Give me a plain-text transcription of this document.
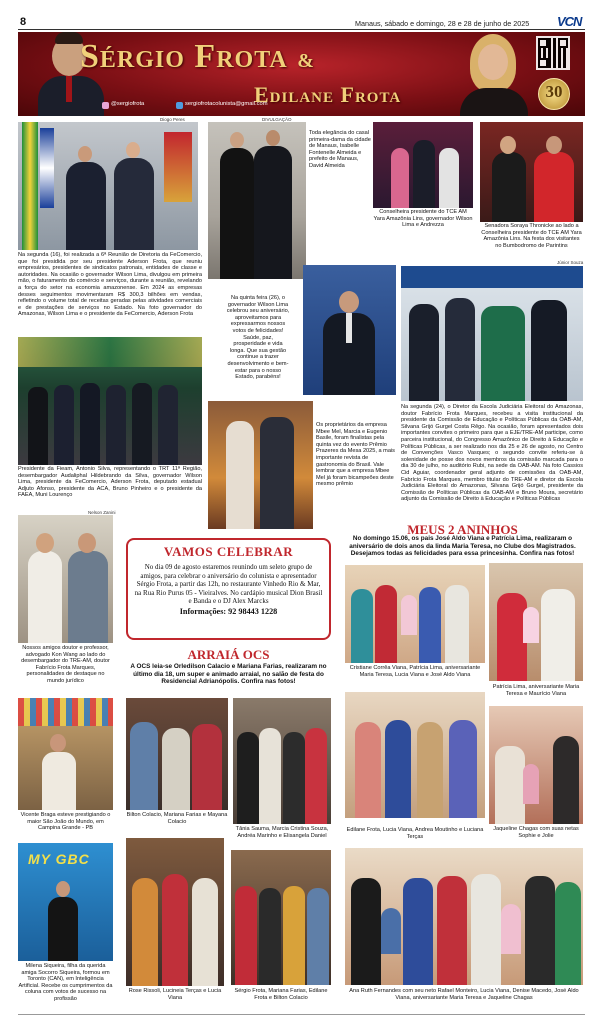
8	Manaus, sábado e domingo, 28 e 28 de junho de 2025 VCN
Sérgio Frota &
Edilane Frota
@sergiofrota	sergiofrotacolunista@gmail.com
30
Diogo Peres	DIVULGAÇÃO
Toda elegância do casal primeira-dama da cidade de Manaus, Isabelle Fontenelle Almeida e prefeito de Manaus, David Almeida
Conselheira presidente do TCE AM Yara Amazônia Lins, governador Wilson Lima e Andrezza	Senadora Soraya Thronicke ao lado a Conselheira presidente do TCE AM Yara Amazônia Lins. Na festa dos visitantes no Bumbodromo de Parintins
Na segunda (16), foi realizada a 6ª Reunião de Diretoria da FeComercio, que foi presidida por seu presidente Aderson Frota, que reuniu empresários, presidentes de sindicatos patronais, entidades de classe e autoridades. Na ocasião o governador Wilson Lima, divulgou em primeira mão, o faturamento do comércio e serviços, durante a reunião, revelando a força do setor na economia amazonense. Em 2024 as empresas desses seguimentos movimentaram R$ 300,3 bilhões em vendas, refletindo o volume total de receitas geradas pelas atividades comerciais e de prestações de serviços no Estado. Na foto governador do Amazonas, Wilson Lima e o presidente da FeComercio, Aderson Frota
Na quinta feira (26), o governador Wilson Lima celebrou seu aniversário, aproveitamos para expressarmos nossos votos de felicidades! Saúde, paz, prosperidade e vida longa. Que sua gestão continue a trazer desenvolvimento e bem-estar para o nosso Estado, parabéns!
Júnior Souza
Na segunda (24), o Diretor da Escola Judiciária Eleitoral do Amazonas, doutor Fabrício Frota Marques, recebeu a visita institucional da presidente da Comissão de Educação e Políticas Públicas da OAB-AM, Silvana Grijó Gurgel Costa Rêgo. Na ocasião, foram apresentados dois importantes convites o primeiro para que a EJE/TRE-AM participe, como parceira institucional, do Congresso Amazônico de Direito à Educação e Políticas Públicas, a ser realizado nos dia 25 e 26 de agosto, no Centro de Convenções Vasco Vasques; o segundo convite referiu-se à solenidade de posse dos novos membros da comissão marcada para o dia 30 de julho, no auditório Rubi, na sede da OAB-AM. Na foto Cassios Cid Aguiar, coordenador geral adjunto de comissões da OAB-AM, Fabrício Frota Marques, membro titular do TRE-AM e diretor da Escola Judiciária Eleitoral do Amazonas, Silvana Grijó Gurgel, presidente da Comissão de Políticas Públicas da OAB-AM e Bruno Moura, secretário adjunto da Comissão de Direito à Educação e Políticas Públicas
Presidente da Fieam, Antonio Silva, representando o TRT 11ª Região, desembargador Audaliphal Hildebrando da Silva, governador Wilson Lima, presidente da FeComercio, Aderson Frota, deputado estadual Adjuto Afonso, presidente da ACA, Bruno Pinheiro e o presidente da FAEA, Muni Lourenço
Os proprietários da empresa Mbee Mel, Marcia e Eugenio Basile, foram finalistas pela quinta vez do evento Prêmio Prazeres da Mesa 2025, a mais importante revista de gastronomia do Brasil. Vale lembrar que a empresa Mbee Mel já foram bicampeões deste mesmo prêmio
Nelson Zanini
Nossos amigos doutor e professor, advogado Kon Wang ao lado do desembargador do TRE-AM, doutor Fabrício Frota Marques, personalidades de destaque no mundo jurídico
VAMOS CELEBRAR
No dia 09 de agosto estaremos reunindo um seleto grupo de amigos, para celebrar o aniversário do colunista e apresentador Sérgio Frota, a partir das 12h, no restaurante Vinhedo Rio & Mar, na Rua Rio Purus 05 - Vieiralves. No cardápio musical Dion Brasil e Banda e o DJ Alex Marcks
Informações: 92 98443 1228
ARRAIÁ OCS
A OCS leia-se Orledilson Calacio e Mariana Farias, realizaram no último dia 18, um super e animado arraial, no salão de festa do Residencial Adrianópolis. Confira nas fotos!
MEUS 2 ANINHOS
No domingo 15.06, os pais José Aldo Viana e Patrícia Lima, realizaram o aniversário de dois anos da linda Maria Teresa, no Clube dos Magistrados. Desejamos todas as felicidades para essa princesinha. Confira nas fotos!
Cristiane Corrêa Viana, Patrícia Lima, aniversariante Maria Teresa, Lucia Viana e José Aldo Viana
Patrícia Lima, aniversariante Maria Teresa e Maurício Viana
Vicente Braga esteve prestigiando o maior São João do Mundo, em Campina Grande - PB
Bilton Colacio, Mariana Farias e Mayana Colacio
Tânia Sauma, Marcia Cristina Souza, Andréa Marinho e Elisangela Daniel
Edilane Frota, Lucia Viana, Andrea Moutinho e Luciana Terças
Jaqueline Chagas com suas netas Sophie e Jolie
MY GBC
Milena Siqueira, filha da querida amiga Socorro Siqueira, formou em Toronto (CAN), em Inteligência Artificial. Recebe os cumprimentos da coluna com votos de sucesso na profissão
Rose Rissoli, Lucineia Terças e Lucia Viana
Sérgio Frota, Mariana Farias, Edilane Frota e Bilton Colacio
Ana Ruth Fernandes com seu neto Rafael Monteiro, Lucia Viana, Denise Macedo, José Aldo Viana, aniversariante Maria Teresa e Jaqueline Chagas
